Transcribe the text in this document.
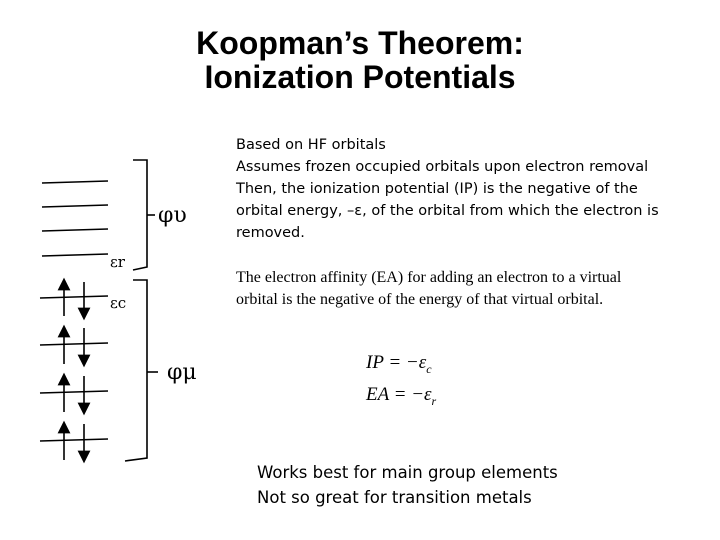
Koopman’s Theorem:
Ionization Potentials
φυ
εr
εc
φμ
Based on HF orbitals
Assumes frozen occupied orbitals upon electron removal
Then, the ionization potential (IP) is the negative of the
orbital energy, –ε, of the orbital from which the electron is
removed.
The electron affinity (EA) for adding an electron to a virtual
orbital is the negative of the energy of that virtual orbital.
IP = $-\varepsilon_c$
EA = $-\varepsilon_r$
Works best for main group elements
Not so great for transition metals
